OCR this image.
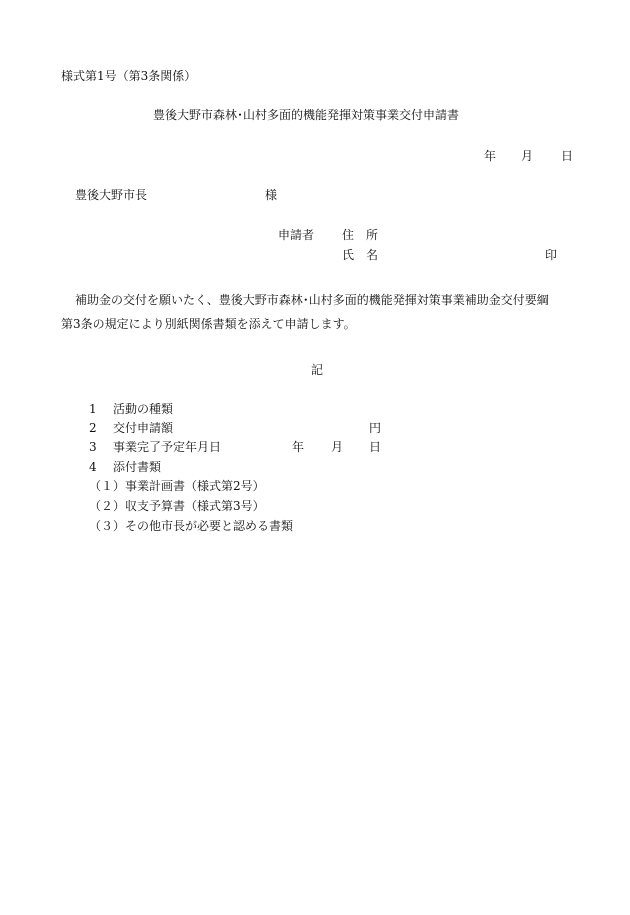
様式第1号（第3条関係）
豊後大野市森林･山村多面的機能発揮対策事業交付申請書
年 月 日
豊後大野市長	様
申請者 住　所
氏　名	印
補助金の交付を願いたく、豊後大野市森林･山村多面的機能発揮対策事業補助金交付要綱
第3条の規定により別紙関係書類を添えて申請します。
記
1 活動の種類
2 交付申請額	円
3 事業完了予定年月日	年 月 日
4 添付書類
（１）事業計画書（様式第2号）
（２）収支予算書（様式第3号）
（３）その他市長が必要と認める書類
